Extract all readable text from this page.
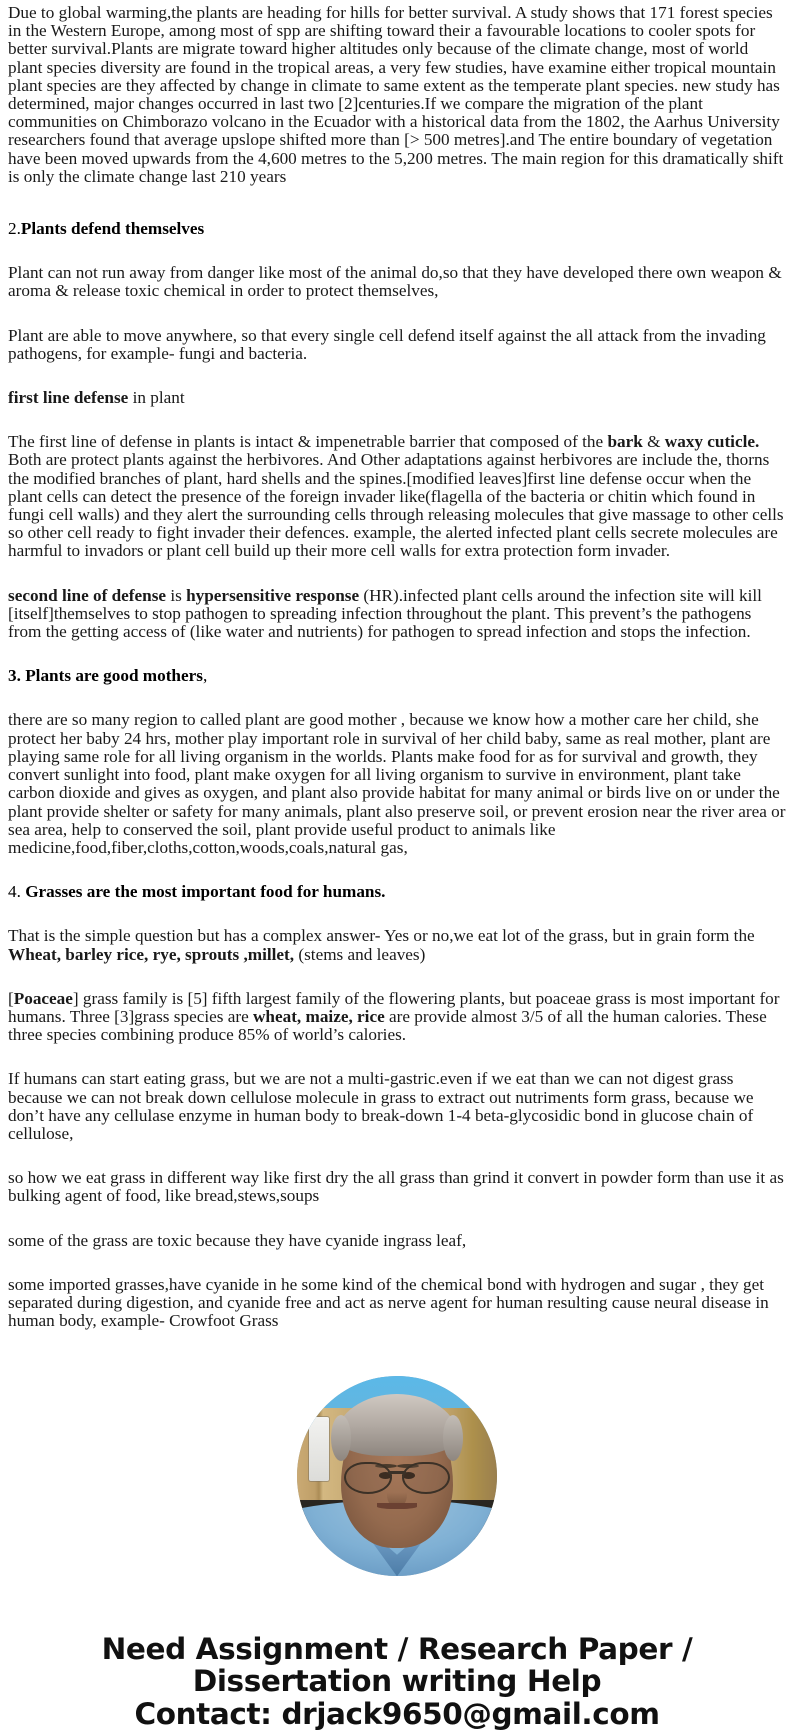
Due to global warming,the plants are heading for hills for better survival. A study shows that 171 forest species in the Western Europe, among most of spp are shifting toward their a favourable locations to cooler spots for better survival.Plants are migrate toward higher altitudes only because of the climate change, most of world plant species diversity are found in the tropical areas, a very few studies, have examine either tropical mountain plant species are they affected by change in climate to same extent as the temperate plant species. new study has determined, major changes occurred in last two [2]centuries.If we compare the migration of the plant communities on Chimborazo volcano in the Ecuador with a historical data from the 1802, the Aarhus University researchers found that average upslope shifted more than [> 500 metres].and The entire boundary of vegetation have been moved upwards from the 4,600 metres to the 5,200 metres. The main region for this dramatically shift is only the climate change last 210 years

2.Plants defend themselves

Plant can not run away from danger like most of the animal do,so that they have developed there own weapon & aroma & release toxic chemical in order to protect themselves,

Plant are able to move anywhere, so that every single cell defend itself against the all attack from the invading pathogens, for example- fungi and bacteria.

first line defense in plant

The first line of defense in plants is intact & impenetrable barrier that composed of the bark & waxy cuticle. Both are protect plants against the herbivores. And Other adaptations against herbivores are include the, thorns the modified branches of plant, hard shells and the spines.[modified leaves]first line defense occur when the plant cells can detect the presence of the foreign invader like(flagella of the bacteria or chitin which found in fungi cell walls) and they alert the surrounding cells through releasing molecules that give massage to other cells so other cell ready to fight invader their defences. example, the alerted infected plant cells secrete molecules are harmful to invadors or plant cell build up their more cell walls for extra protection form invader.

second line of defense is hypersensitive response (HR).infected plant cells around the infection site will kill [itself]themselves to stop pathogen to spreading infection throughout the plant. This prevent’s the pathogens from the getting access of (like water and nutrients) for pathogen to spread infection and stops the infection.

3. Plants are good mothers,

there are so many region to called plant are good mother , because we know how a mother care her child, she protect her baby 24 hrs, mother play important role in survival of her child baby, same as real mother, plant are playing same role for all living organism in the worlds. Plants make food for as for survival and growth, they convert sunlight into food, plant make oxygen for all living organism to survive in environment, plant take carbon dioxide and gives as oxygen, and plant also provide habitat for many animal or birds live on or under the plant provide shelter or safety for many animals, plant also preserve soil, or prevent erosion near the river area or sea area, help to conserved the soil, plant provide useful product to animals like medicine,food,fiber,cloths,cotton,woods,coals,natural gas,

4. Grasses are the most important food for humans.

That is the simple question but has a complex answer- Yes or no,we eat lot of the grass, but in grain form the Wheat, barley rice, rye, sprouts ,millet, (stems and leaves)

[Poaceae] grass family is [5] fifth largest family of the flowering plants, but poaceae grass is most important for humans. Three [3]grass species are wheat, maize, rice are provide almost 3/5 of all the human calories. These three species combining produce 85% of world’s calories.

If humans can start eating grass, but we are not a multi-gastric.even if we eat than we can not digest grass because we can not break down cellulose molecule in grass to extract out nutriments form grass, because we don’t have any cellulase enzyme in human body to break-down 1-4 beta-glycosidic bond in glucose chain of cellulose,

so how we eat grass in different way like first dry the all grass than grind it convert in powder form than use it as bulking agent of food, like bread,stews,soups

some of the grass are toxic because they have cyanide ingrass leaf,

some imported grasses,have cyanide in he some kind of the chemical bond with hydrogen and sugar , they get separated during digestion, and cyanide free and act as nerve agent for human resulting cause neural disease in human body, example- Crowfoot Grass

Need Assignment / Research Paper / Dissertation writing Help
Contact: drjack9650@gmail.com
